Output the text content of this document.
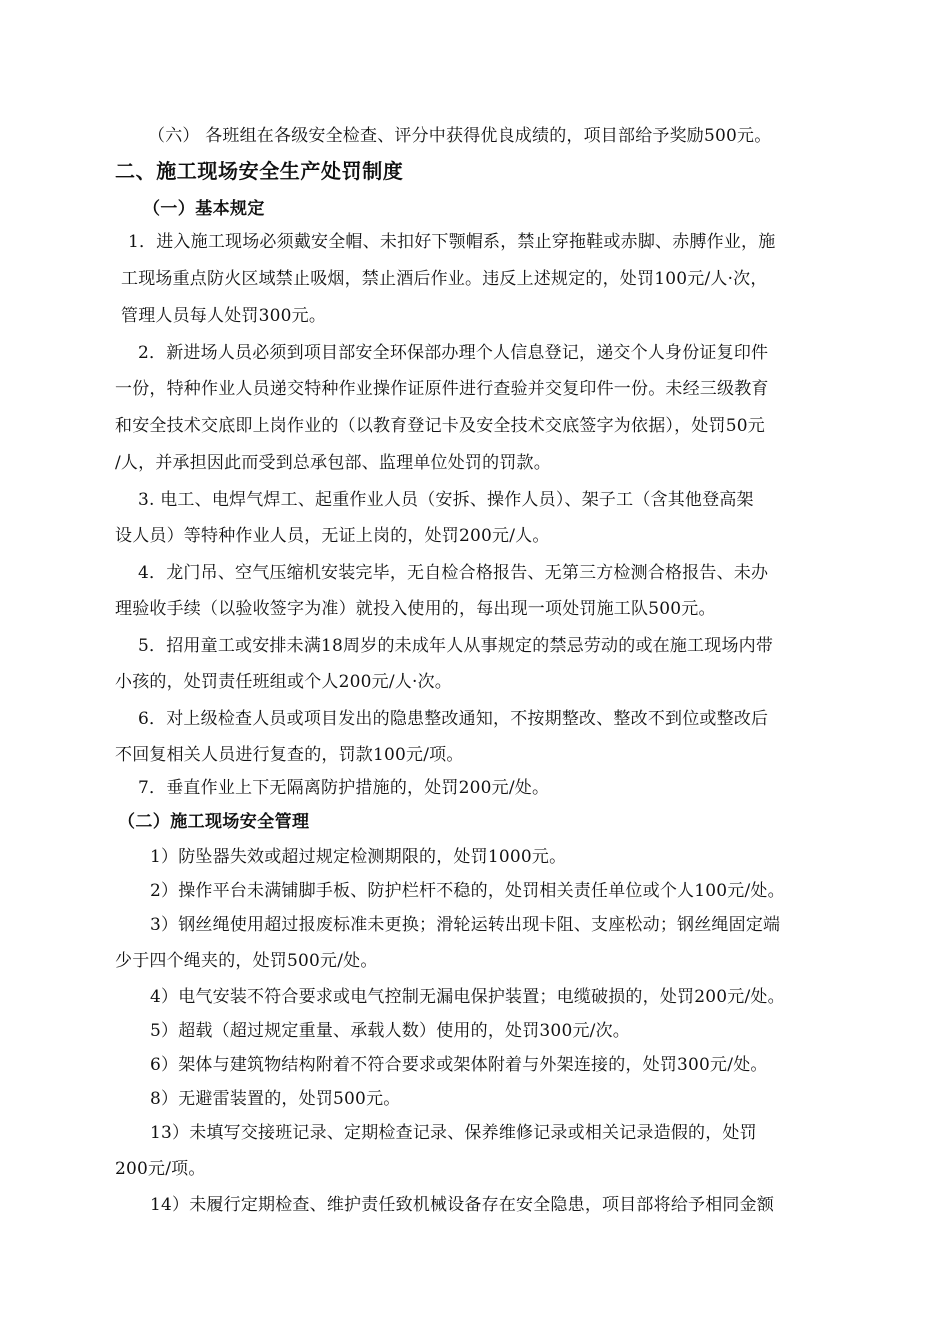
（六） 各班组在各级安全检查、评分中获得优良成绩的，项目部给予奖励500元。
二、施工现场安全生产处罚制度
（一）基本规定
1．进入施工现场必须戴安全帽、未扣好下颚帽系，禁止穿拖鞋或赤脚、赤膊作业，施
工现场重点防火区域禁止吸烟，禁止酒后作业。违反上述规定的，处罚100元/人·次，
管理人员每人处罚300元。
2．新进场人员必须到项目部安全环保部办理个人信息登记，递交个人身份证复印件
一份，特种作业人员递交特种作业操作证原件进行查验并交复印件一份。未经三级教育
和安全技术交底即上岗作业的（以教育登记卡及安全技术交底签字为依据），处罚50元
/人，并承担因此而受到总承包部、监理单位处罚的罚款。
3. 电工、电焊气焊工、起重作业人员（安拆、操作人员）、架子工（含其他登高架
设人员）等特种作业人员，无证上岗的，处罚200元/人。
4．龙门吊、空气压缩机安装完毕，无自检合格报告、无第三方检测合格报告、未办
理验收手续（以验收签字为准）就投入使用的，每出现一项处罚施工队500元。
5．招用童工或安排未满18周岁的未成年人从事规定的禁忌劳动的或在施工现场内带
小孩的，处罚责任班组或个人200元/人·次。
6．对上级检查人员或项目发出的隐患整改通知，不按期整改、整改不到位或整改后
不回复相关人员进行复查的，罚款100元/项。
7．垂直作业上下无隔离防护措施的，处罚200元/处。
（二）施工现场安全管理
1）防坠器失效或超过规定检测期限的，处罚1000元。
2）操作平台未满铺脚手板、防护栏杆不稳的，处罚相关责任单位或个人100元/处。
3）钢丝绳使用超过报废标准未更换；滑轮运转出现卡阻、支座松动；钢丝绳固定端
少于四个绳夹的，处罚500元/处。
4）电气安装不符合要求或电气控制无漏电保护装置；电缆破损的，处罚200元/处。
5）超载（超过规定重量、承载人数）使用的，处罚300元/次。
6）架体与建筑物结构附着不符合要求或架体附着与外架连接的，处罚300元/处。
8）无避雷装置的，处罚500元。
13）未填写交接班记录、定期检查记录、保养维修记录或相关记录造假的，处罚
200元/项。
14）未履行定期检查、维护责任致机械设备存在安全隐患，项目部将给予相同金额
